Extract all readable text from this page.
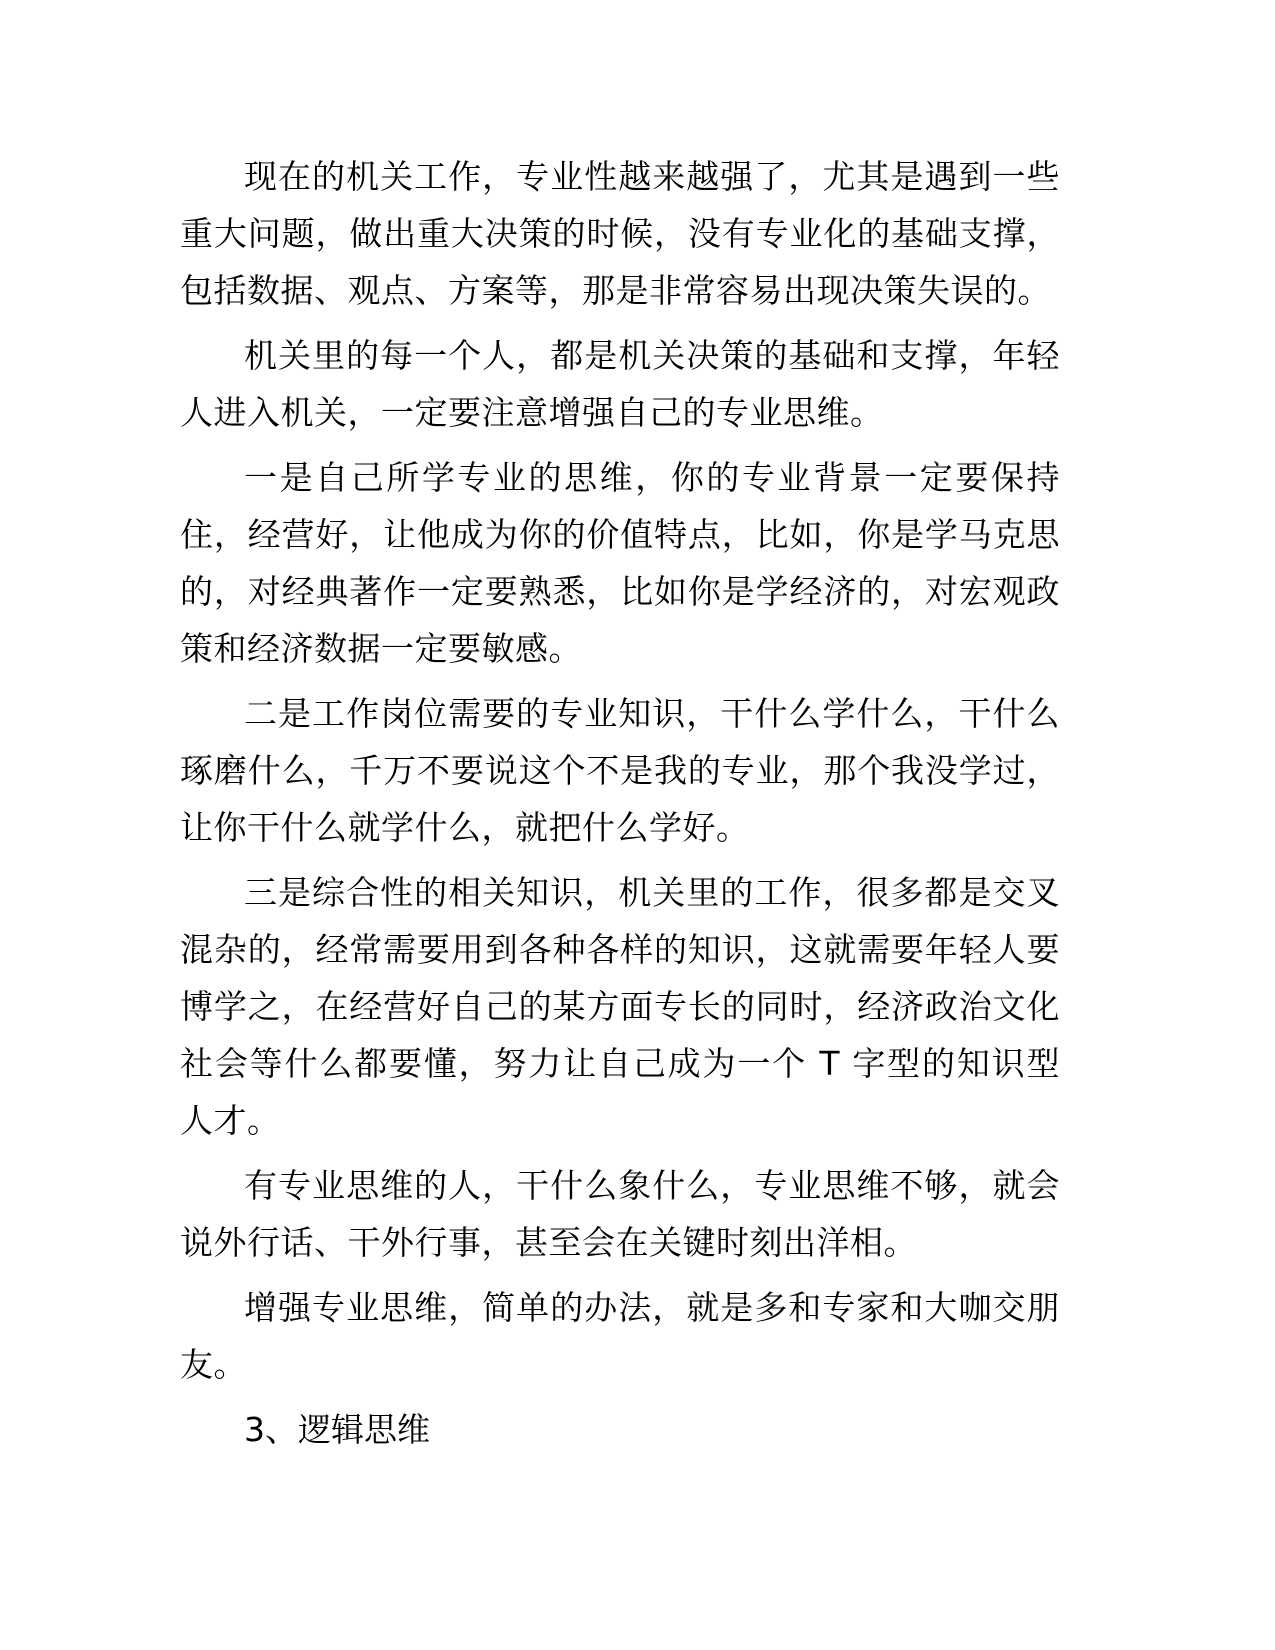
现在的机关工作，专业性越来越强了，尤其是遇到一些重大问题，做出重大决策的时候，没有专业化的基础支撑，包括数据、观点、方案等，那是非常容易出现决策失误的。

机关里的每一个人，都是机关决策的基础和支撑，年轻人进入机关，一定要注意增强自己的专业思维。

一是自己所学专业的思维，你的专业背景一定要保持住，经营好，让他成为你的价值特点，比如，你是学马克思的，对经典著作一定要熟悉，比如你是学经济的，对宏观政策和经济数据一定要敏感。

二是工作岗位需要的专业知识，干什么学什么，干什么琢磨什么，千万不要说这个不是我的专业，那个我没学过，让你干什么就学什么，就把什么学好。

三是综合性的相关知识，机关里的工作，很多都是交叉混杂的，经常需要用到各种各样的知识，这就需要年轻人要博学之，在经营好自己的某方面专长的同时，经济政治文化社会等什么都要懂，努力让自己成为一个 T 字型的知识型人才。

有专业思维的人，干什么象什么，专业思维不够，就会说外行话、干外行事，甚至会在关键时刻出洋相。

增强专业思维，简单的办法，就是多和专家和大咖交朋友。

3、逻辑思维
